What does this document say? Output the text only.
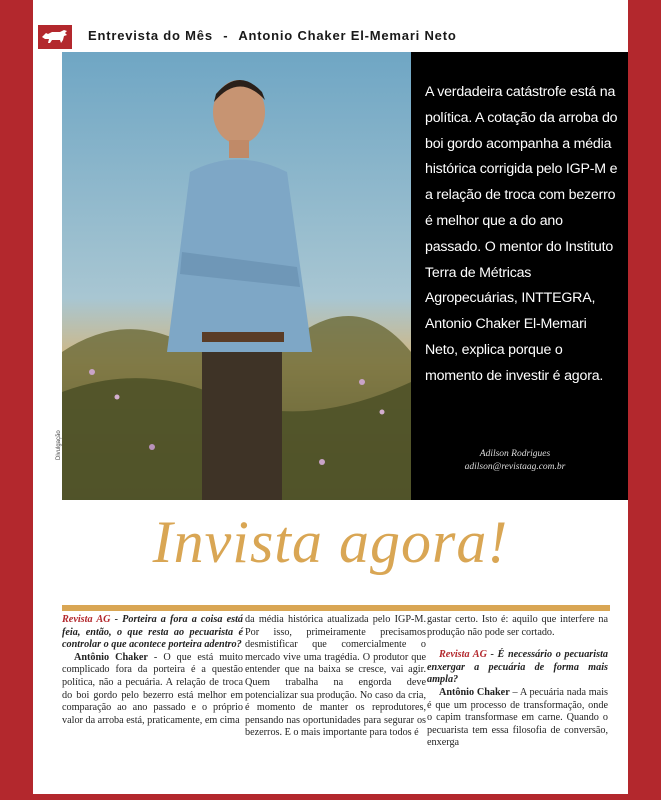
Entrevista do Mês - Antonio Chaker El-Memari Neto
Divulgação
A verdadeira catástrofe está na política. A cotação da arroba do boi gordo acompanha a média histórica corrigida pelo IGP-M e a relação de troca com bezerro é melhor que a do ano passado. O mentor do Instituto Terra de Métricas Agropecuárias, INTTEGRA, Antonio Chaker El-Memari Neto, explica porque o momento de investir é agora.
Adilson Rodrigues
adilson@revistaag.com.br
Invista agora!
Revista AG - Porteira a fora a coisa está feia, então, o que resta ao pecuarista é controlar o que acontece porteira adentro?
Antônio Chaker - O que está muito complicado fora da porteira é a questão política, não a pecuária. A relação de troca do boi gordo pelo bezerro está melhor em comparação ao ano passado e o próprio valor da arroba está, praticamente, em cima
da média histórica atualizada pelo IGP-M. Por isso, primeiramente precisamos desmistificar que comercialmente o mercado vive uma tragédia. O produtor que entender que na baixa se cresce, vai agir. Quem trabalha na engorda deve potencializar sua produção. No caso da cria, é momento de manter os reprodutores, pensando nas oportunidades para segurar os bezerros. E o mais importante para todos é
gastar certo. Isto é: aquilo que interfere na produção não pode ser cortado.
Revista AG - É necessário o pecuarista enxergar a pecuária de forma mais ampla?
Antônio Chaker – A pecuária nada mais é que um processo de transformação, onde o capim transformase em carne. Quando o pecuarista tem essa filosofia de conversão, enxerga
